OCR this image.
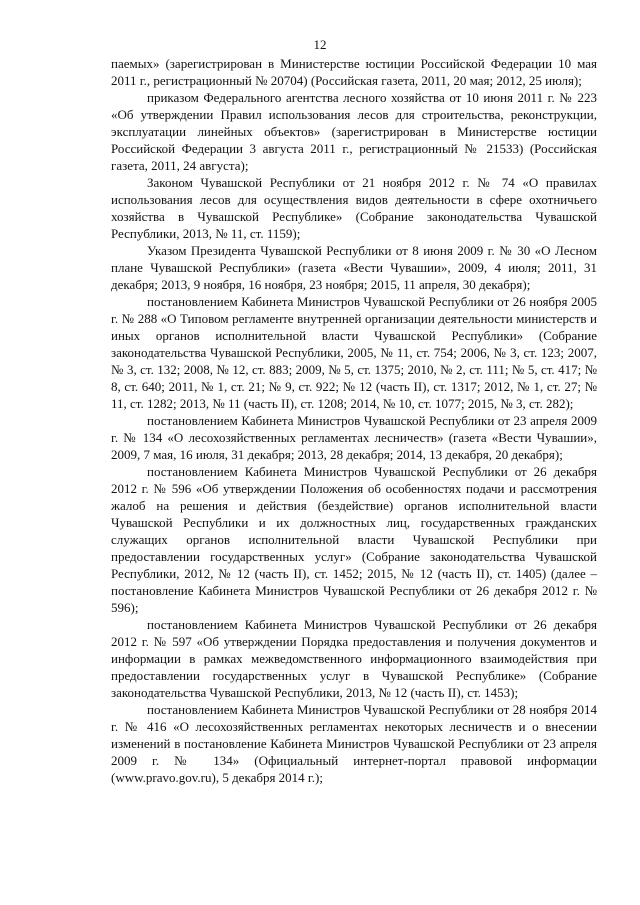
12

паемых» (зарегистрирован в Министерстве юстиции Российской Федерации 10 мая 2011 г., регистрационный № 20704) (Российская газета, 2011, 20 мая; 2012, 25 июля);

приказом Федерального агентства лесного хозяйства от 10 июня 2011 г. № 223 «Об утверждении Правил использования лесов для строительства, реконструкции, эксплуатации линейных объектов» (зарегистрирован в Министерстве юстиции Российской Федерации 3 августа 2011 г., регистрационный № 21533) (Российская газета, 2011, 24 августа);

Законом Чувашской Республики от 21 ноября 2012 г. № 74 «О правилах использования лесов для осуществления видов деятельности в сфере охотничьего хозяйства в Чувашской Республике» (Собрание законодательства Чувашской Республики, 2013, № 11, ст. 1159);

Указом Президента Чувашской Республики от 8 июня 2009 г. № 30 «О Лесном плане Чувашской Республики» (газета «Вести Чувашии», 2009, 4 июля; 2011, 31 декабря; 2013, 9 ноября, 16 ноября, 23 ноября; 2015, 11 апреля, 30 декабря);

постановлением Кабинета Министров Чувашской Республики от 26 ноября 2005 г. № 288 «О Типовом регламенте внутренней организации деятельности министерств и иных органов исполнительной власти Чувашской Республики» (Собрание законодательства Чувашской Республики, 2005, № 11, ст. 754; 2006, № 3, ст. 123; 2007, № 3, ст. 132; 2008, № 12, ст. 883; 2009, № 5, ст. 1375; 2010, № 2, ст. 111; № 5, ст. 417; № 8, ст. 640; 2011, № 1, ст. 21; № 9, ст. 922; № 12 (часть II), ст. 1317; 2012, № 1, ст. 27; № 11, ст. 1282; 2013, № 11 (часть II), ст. 1208; 2014, № 10, ст. 1077; 2015, № 3, ст. 282);

постановлением Кабинета Министров Чувашской Республики от 23 апреля 2009 г. № 134 «О лесохозяйственных регламентах лесничеств» (газета «Вести Чувашии», 2009, 7 мая, 16 июля, 31 декабря; 2013, 28 декабря; 2014, 13 декабря, 20 декабря);

постановлением Кабинета Министров Чувашской Республики от 26 декабря 2012 г. № 596 «Об утверждении Положения об особенностях подачи и рассмотрения жалоб на решения и действия (бездействие) органов исполнительной власти Чувашской Республики и их должностных лиц, государственных гражданских служащих органов исполнительной власти Чувашской Республики при предоставлении государственных услуг» (Собрание законодательства Чувашской Республики, 2012, № 12 (часть II), ст. 1452; 2015, № 12 (часть II), ст. 1405) (далее – постановление Кабинета Министров Чувашской Республики от 26 декабря 2012 г. № 596);

постановлением Кабинета Министров Чувашской Республики от 26 декабря 2012 г. № 597 «Об утверждении Порядка предоставления и получения документов и информации в рамках межведомственного информационного взаимодействия при предоставлении государственных услуг в Чувашской Республике» (Собрание законодательства Чувашской Республики, 2013, № 12 (часть II), ст. 1453);

постановлением Кабинета Министров Чувашской Республики от 28 ноября 2014 г. № 416 «О лесохозяйственных регламентах некоторых лесничеств и о внесении изменений в постановление Кабинета Министров Чувашской Республики от 23 апреля 2009 г. № 134» (Официальный интернет-портал правовой информации (www.pravo.gov.ru), 5 декабря 2014 г.);
